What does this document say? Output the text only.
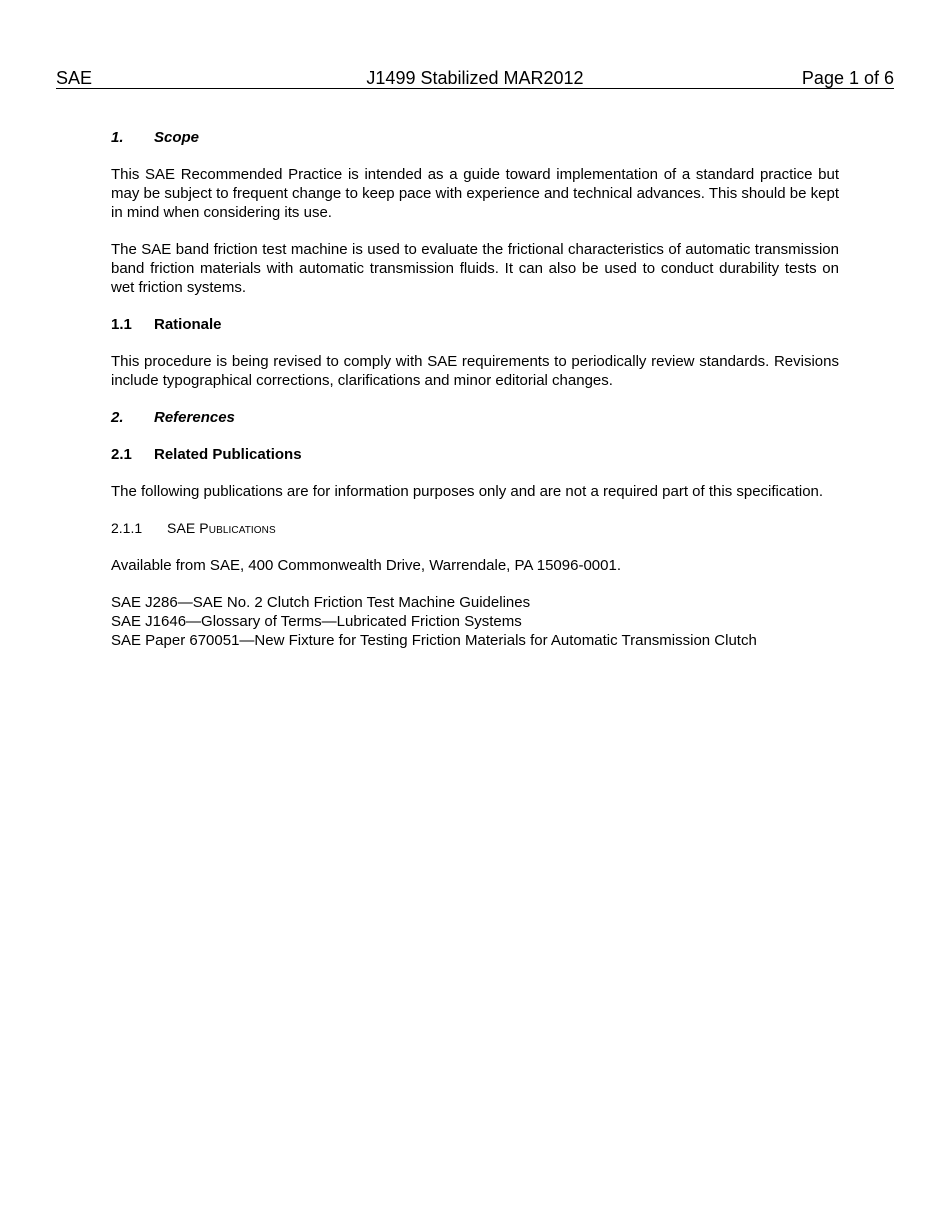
SAE	J1499 Stabilized MAR2012	Page 1 of 6
1.	Scope

This SAE Recommended Practice is intended as a guide toward implementation of a standard practice but may be subject to frequent change to keep pace with experience and technical advances. This should be kept in mind when considering its use.

The SAE band friction test machine is used to evaluate the frictional characteristics of automatic transmission band friction materials with automatic transmission fluids. It can also be used to conduct durability tests on wet friction systems.

1.1	Rationale

This procedure is being revised to comply with SAE requirements to periodically review standards. Revisions include typographical corrections, clarifications and minor editorial changes.

2.	References
2.1	Related Publications

The following publications are for information purposes only and are not a required part of this specification.

2.1.1	SAE Publications

Available from SAE, 400 Commonwealth Drive, Warrendale, PA 15096-0001.

SAE J286—SAE No. 2 Clutch Friction Test Machine Guidelines

SAE J1646—Glossary of Terms—Lubricated Friction Systems

SAE Paper 670051—New Fixture for Testing Friction Materials for Automatic Transmission Clutch
